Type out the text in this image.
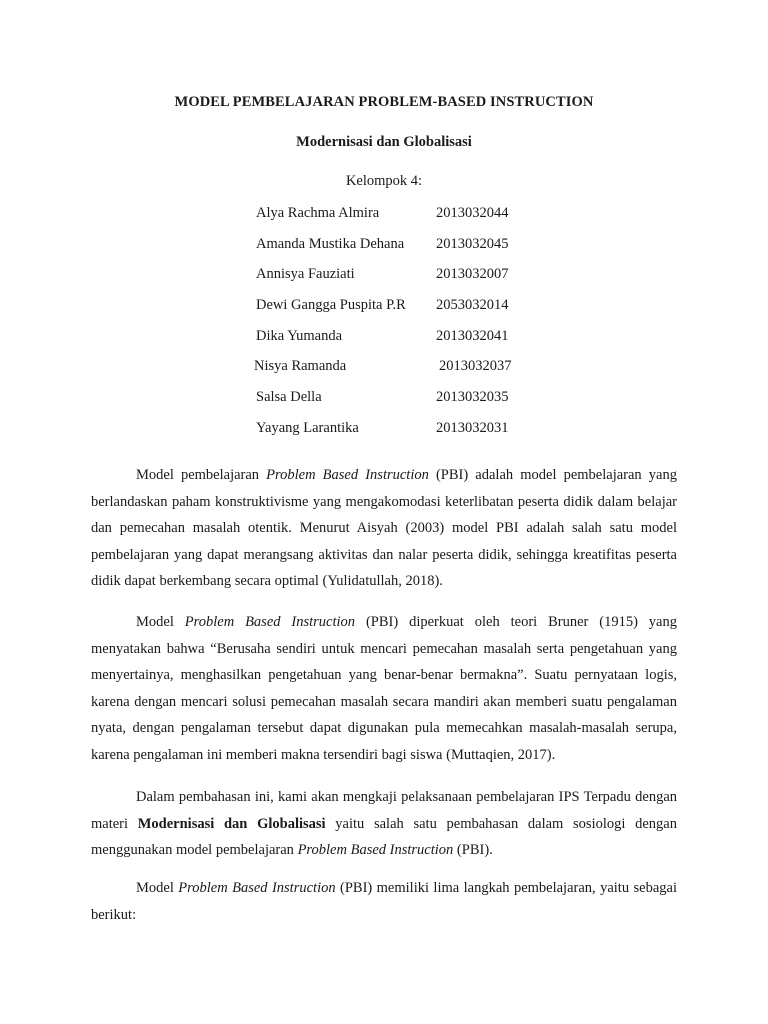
MODEL PEMBELAJARAN PROBLEM-BASED INSTRUCTION
Modernisasi dan Globalisasi
Kelompok 4:
Alya Rachma Almira	2013032044
Amanda Mustika Dehana 2013032045
Annisya Fauziati	2013032007
Dewi Gangga Puspita P.R 2053032014
Dika Yumanda	2013032041
Nisya Ramanda	2013032037
Salsa Della	2013032035
Yayang Larantika	2013032031

Model pembelajaran Problem Based Instruction (PBI) adalah model pembelajaran yang berlandaskan paham konstruktivisme yang mengakomodasi keterlibatan peserta didik dalam belajar dan pemecahan masalah otentik. Menurut Aisyah (2003) model PBI adalah salah satu model pembelajaran yang dapat merangsang aktivitas dan nalar peserta didik, sehingga kreatifitas peserta didik dapat berkembang secara optimal (Yulidatullah, 2018).

Model Problem Based Instruction (PBI) diperkuat oleh teori Bruner (1915) yang menyatakan bahwa “Berusaha sendiri untuk mencari pemecahan masalah serta pengetahuan yang menyertainya, menghasilkan pengetahuan yang benar-benar bermakna”. Suatu pernyataan logis, karena dengan mencari solusi pemecahan masalah secara mandiri akan memberi suatu pengalaman nyata, dengan pengalaman tersebut dapat digunakan pula memecahkan masalah-masalah serupa, karena pengalaman ini memberi makna tersendiri bagi siswa (Muttaqien, 2017).

Dalam pembahasan ini, kami akan mengkaji pelaksanaan pembelajaran IPS Terpadu dengan materi Modernisasi dan Globalisasi yaitu salah satu pembahasan dalam sosiologi dengan menggunakan model pembelajaran Problem Based Instruction (PBI).

Model Problem Based Instruction (PBI) memiliki lima langkah pembelajaran, yaitu sebagai berikut:
